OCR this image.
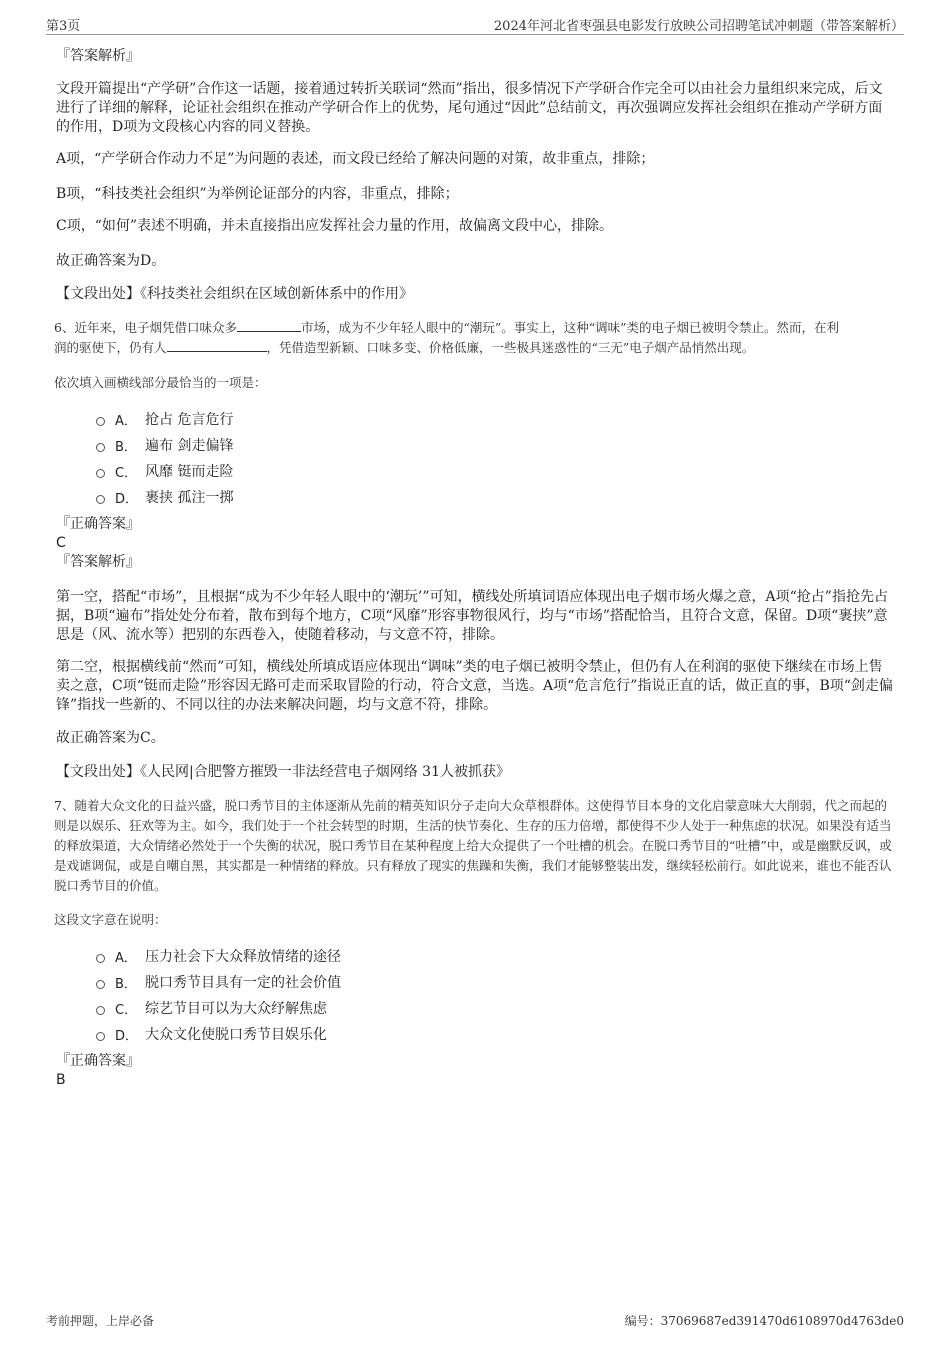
第3页	2024年河北省枣强县电影发行放映公司招聘笔试冲刺题（带答案解析）

『答案解析』

文段开篇提出“产学研”合作这一话题，接着通过转折关联词“然而”指出，很多情况下产学研合作完全可以由社会力量组织来完成，后文进行了详细的解释，论证社会组织在推动产学研合作上的优势，尾句通过“因此”总结前文，再次强调应发挥社会组织在推动产学研方面的作用，D项为文段核心内容的同义替换。

A项，“产学研合作动力不足”为问题的表述，而文段已经给了解决问题的对策，故非重点，排除；

B项，“科技类社会组织”为举例论证部分的内容，非重点，排除；

C项，“如何”表述不明确，并未直接指出应发挥社会力量的作用，故偏离文段中心，排除。

故正确答案为D。

【文段出处】《科技类社会组织在区域创新体系中的作用》

6、近年来，电子烟凭借口味众多	市场，成为不少年轻人眼中的“潮玩”。事实上，这种“调味”类的电子烟已被明令禁止。然而，在利
润的驱使下，仍有人	，凭借造型新颖、口味多变、价格低廉，一些极具迷惑性的“三无”电子烟产品悄然出现。

依次填入画横线部分最恰当的一项是：

A． 抢占 危言危行
B． 遍布 剑走偏锋
C． 风靡 铤而走险
D． 裹挟 孤注一掷

『正确答案』

C

『答案解析』

第一空，搭配“市场”，且根据“成为不少年轻人眼中的‘潮玩’”可知，横线处所填词语应体现出电子烟市场火爆之意，A项“抢占”指抢先占据，B项“遍布”指处处分布着，散布到每个地方，C项“风靡”形容事物很风行，均与“市场”搭配恰当，且符合文意，保留。D项“裹挟”意思是（风、流水等）把别的东西卷入，使随着移动，与文意不符，排除。

第二空，根据横线前“然而”可知，横线处所填成语应体现出“调味”类的电子烟已被明令禁止，但仍有人在利润的驱使下继续在市场上售卖之意，C项“铤而走险”形容因无路可走而采取冒险的行动，符合文意，当选。A项“危言危行”指说正直的话，做正直的事，B项“剑走偏锋”指找一些新的、不同以往的办法来解决问题，均与文意不符，排除。

故正确答案为C。

【文段出处】《人民网|合肥警方摧毁一非法经营电子烟网络 31人被抓获》

7、随着大众文化的日益兴盛，脱口秀节目的主体逐渐从先前的精英知识分子走向大众草根群体。这使得节目本身的文化启蒙意味大大削弱，代之而起的则是以娱乐、狂欢等为主。如今，我们处于一个社会转型的时期，生活的快节奏化、生存的压力倍增，都使得不少人处于一种焦虑的状况。如果没有适当的释放渠道，大众情绪必然处于一个失衡的状况，脱口秀节目在某种程度上给大众提供了一个吐槽的机会。在脱口秀节目的“吐槽”中，或是幽默反讽，或是戏谑调侃，或是自嘲自黑，其实都是一种情绪的释放。只有释放了现实的焦躁和失衡，我们才能够整装出发，继续轻松前行。如此说来，谁也不能否认脱口秀节目的价值。

这段文字意在说明：

A． 压力社会下大众释放情绪的途径
B． 脱口秀节目具有一定的社会价值
C． 综艺节目可以为大众纾解焦虑
D． 大众文化使脱口秀节目娱乐化

『正确答案』

B

考前押题，上岸必备	编号：37069687ed391470d6108970d4763de0
